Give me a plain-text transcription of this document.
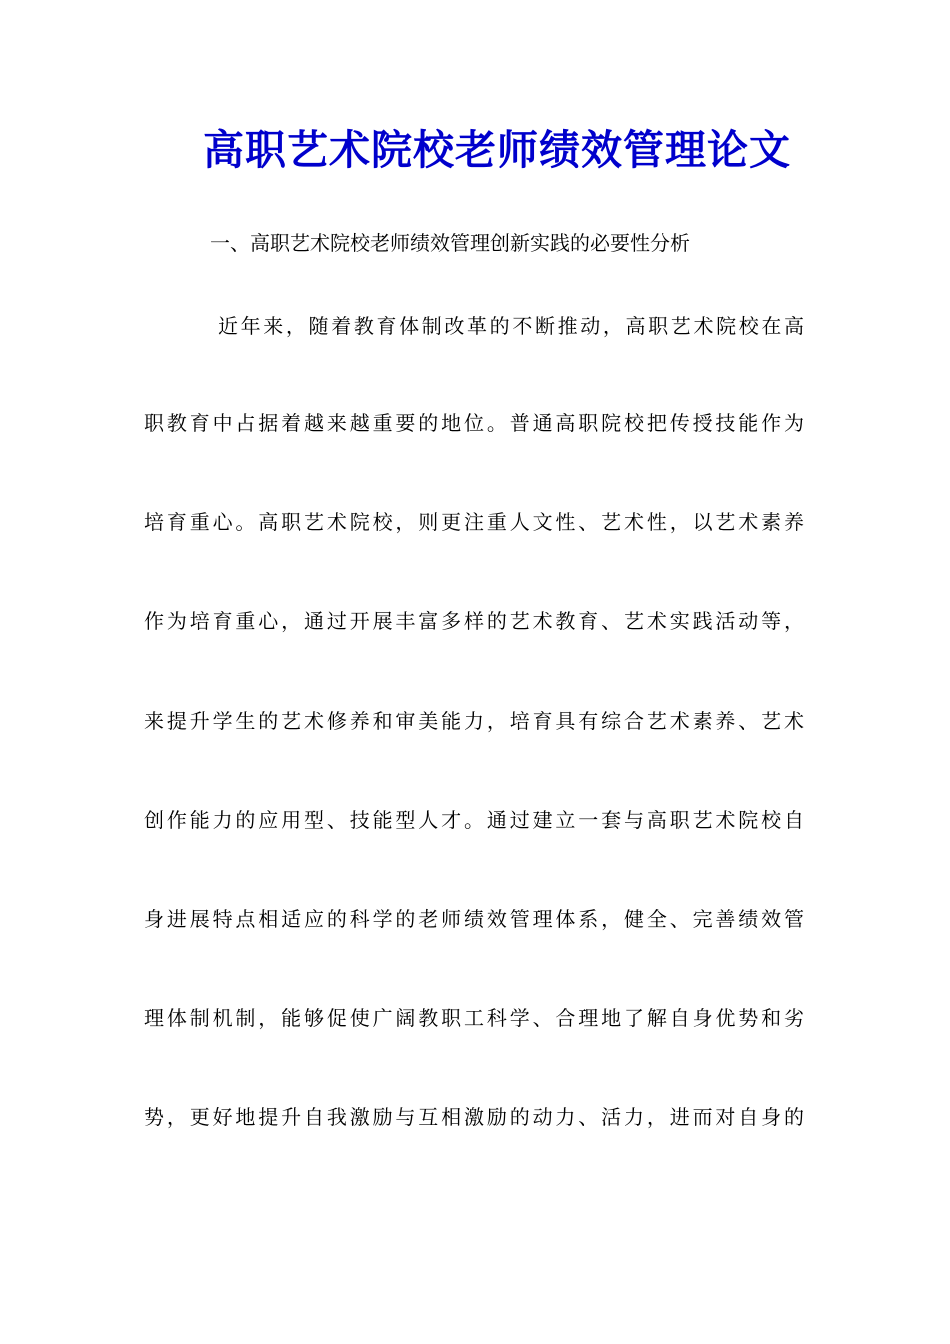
高职艺术院校老师绩效管理论文
一、高职艺术院校老师绩效管理创新实践的必要性分析
近年来，随着教育体制改革的不断推动，高职艺术院校在高
职教育中占据着越来越重要的地位。普通高职院校把传授技能作为
培育重心。高职艺术院校，则更注重人文性、艺术性，以艺术素养
作为培育重心，通过开展丰富多样的艺术教育、艺术实践活动等，
来提升学生的艺术修养和审美能力，培育具有综合艺术素养、艺术
创作能力的应用型、技能型人才。通过建立一套与高职艺术院校自
身进展特点相适应的科学的老师绩效管理体系，健全、完善绩效管
理体制机制，能够促使广阔教职工科学、合理地了解自身优势和劣
势，更好地提升自我激励与互相激励的动力、活力，进而对自身的
